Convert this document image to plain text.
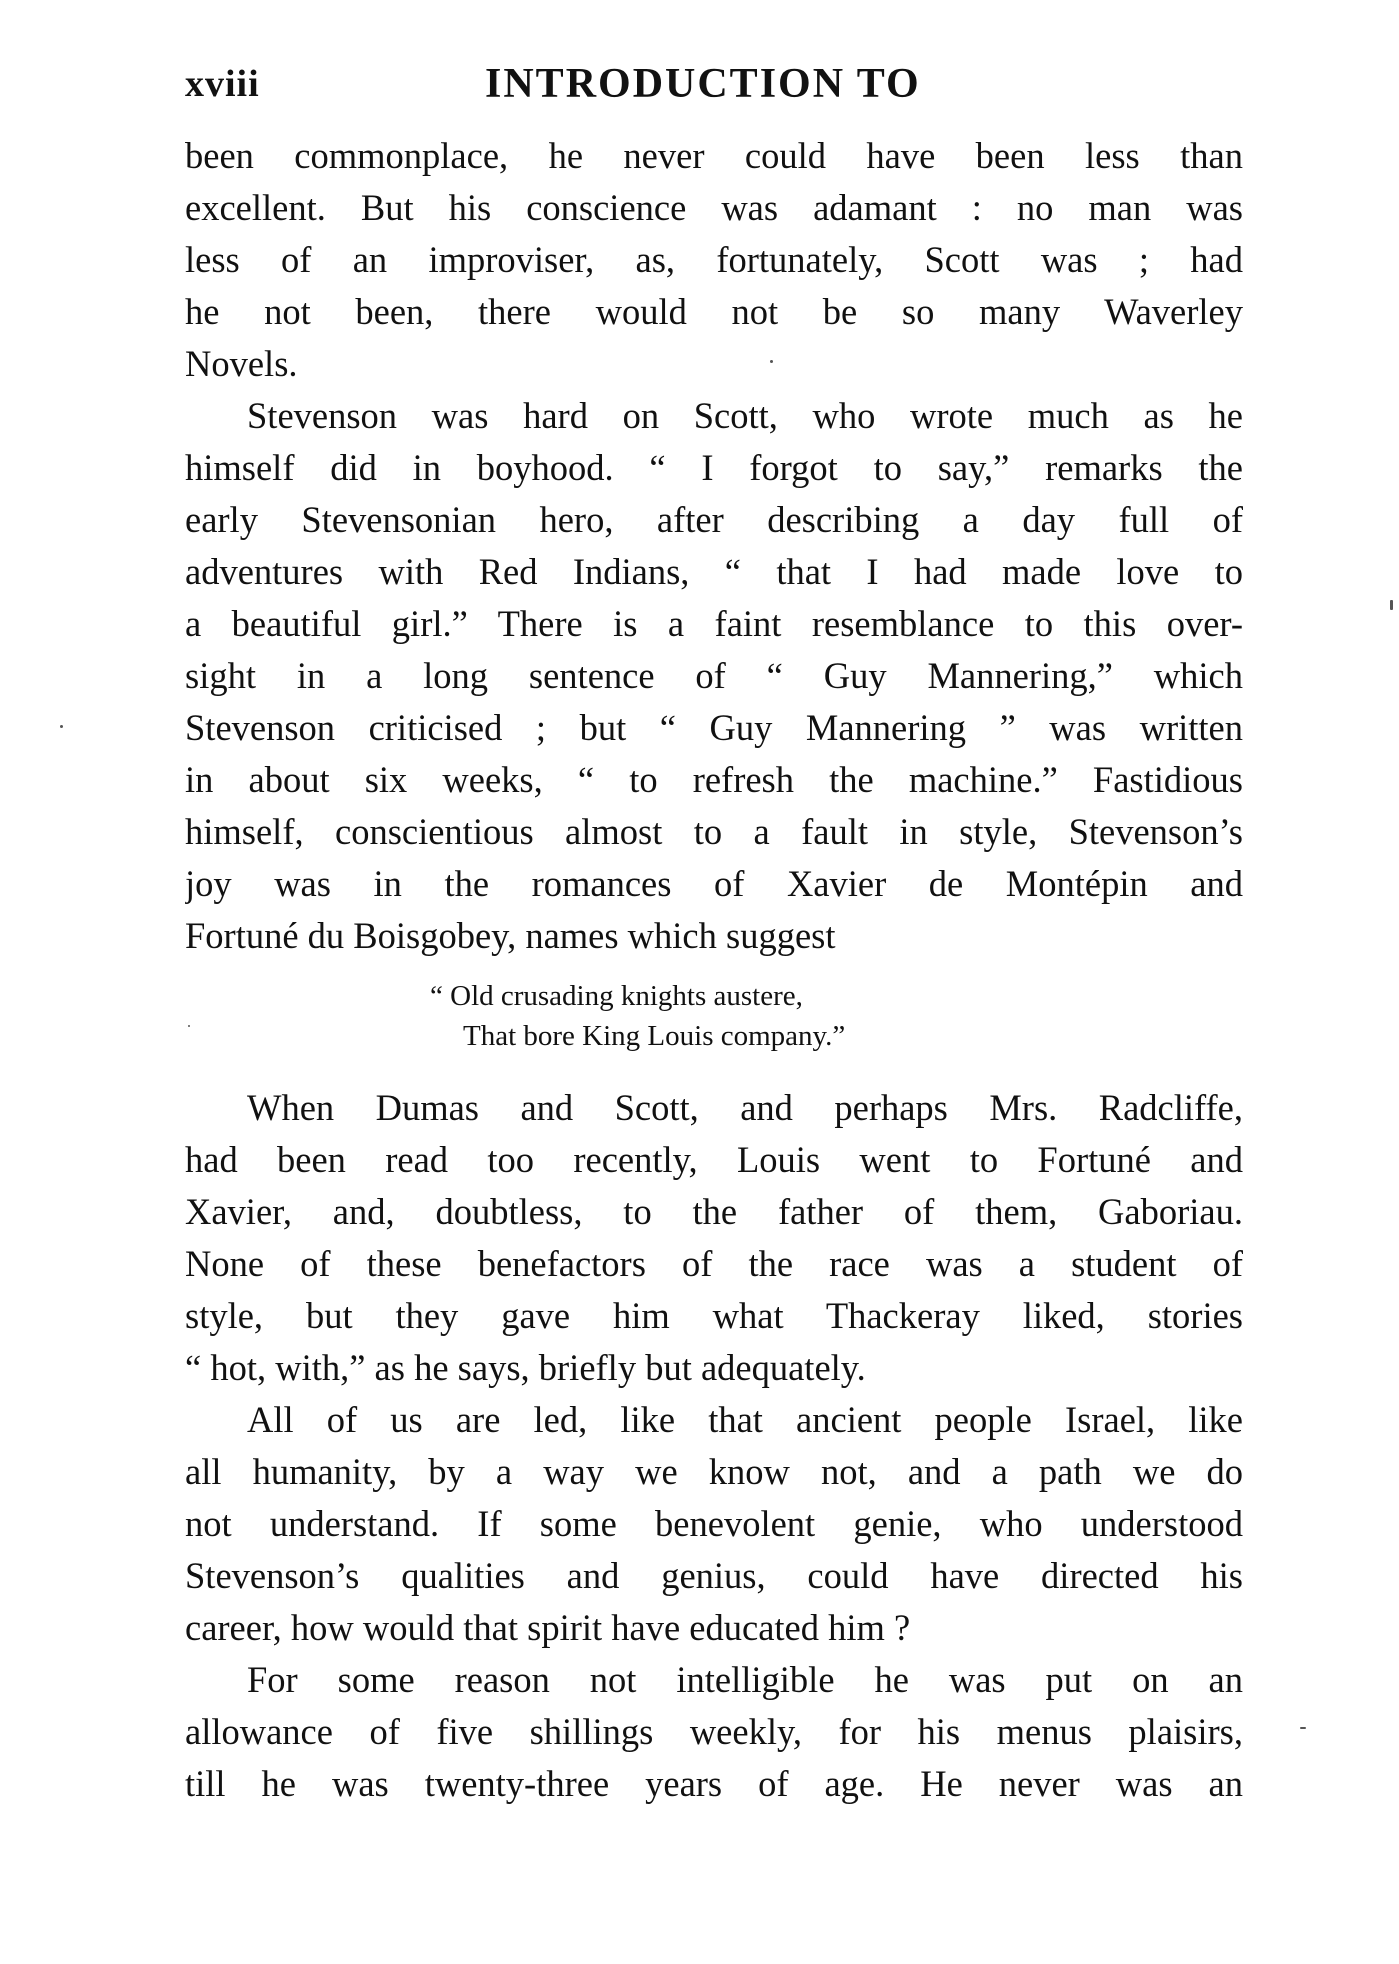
xviii	INTRODUCTION TO
been commonplace, he never could have been less than
excellent. But his conscience was adamant : no man was
less of an improviser, as, fortunately, Scott was ; had
he not been, there would not be so many Waverley
Novels.
Stevenson was hard on Scott, who wrote much as he
himself did in boyhood. “ I forgot to say,” remarks the
early Stevensonian hero, after describing a day full of
adventures with Red Indians, “ that I had made love to
a beautiful girl.” There is a faint resemblance to this over-
sight in a long sentence of “ Guy Mannering,” which
Stevenson criticised ; but “ Guy Mannering ” was written
in about six weeks, “ to refresh the machine.” Fastidious
himself, conscientious almost to a fault in style, Stevenson’s
joy was in the romances of Xavier de Montépin and
Fortuné du Boisgobey, names which suggest
“ Old crusading knights austere,
That bore King Louis company.”
When Dumas and Scott, and perhaps Mrs. Radcliffe,
had been read too recently, Louis went to Fortuné and
Xavier, and, doubtless, to the father of them, Gaboriau.
None of these benefactors of the race was a student of
style, but they gave him what Thackeray liked, stories
“ hot, with,” as he says, briefly but adequately.
All of us are led, like that ancient people Israel, like
all humanity, by a way we know not, and a path we do
not understand. If some benevolent genie, who understood
Stevenson’s qualities and genius, could have directed his
career, how would that spirit have educated him ?
For some reason not intelligible he was put on an
allowance of five shillings weekly, for his menus plaisirs,
till he was twenty-three years of age. He never was an
